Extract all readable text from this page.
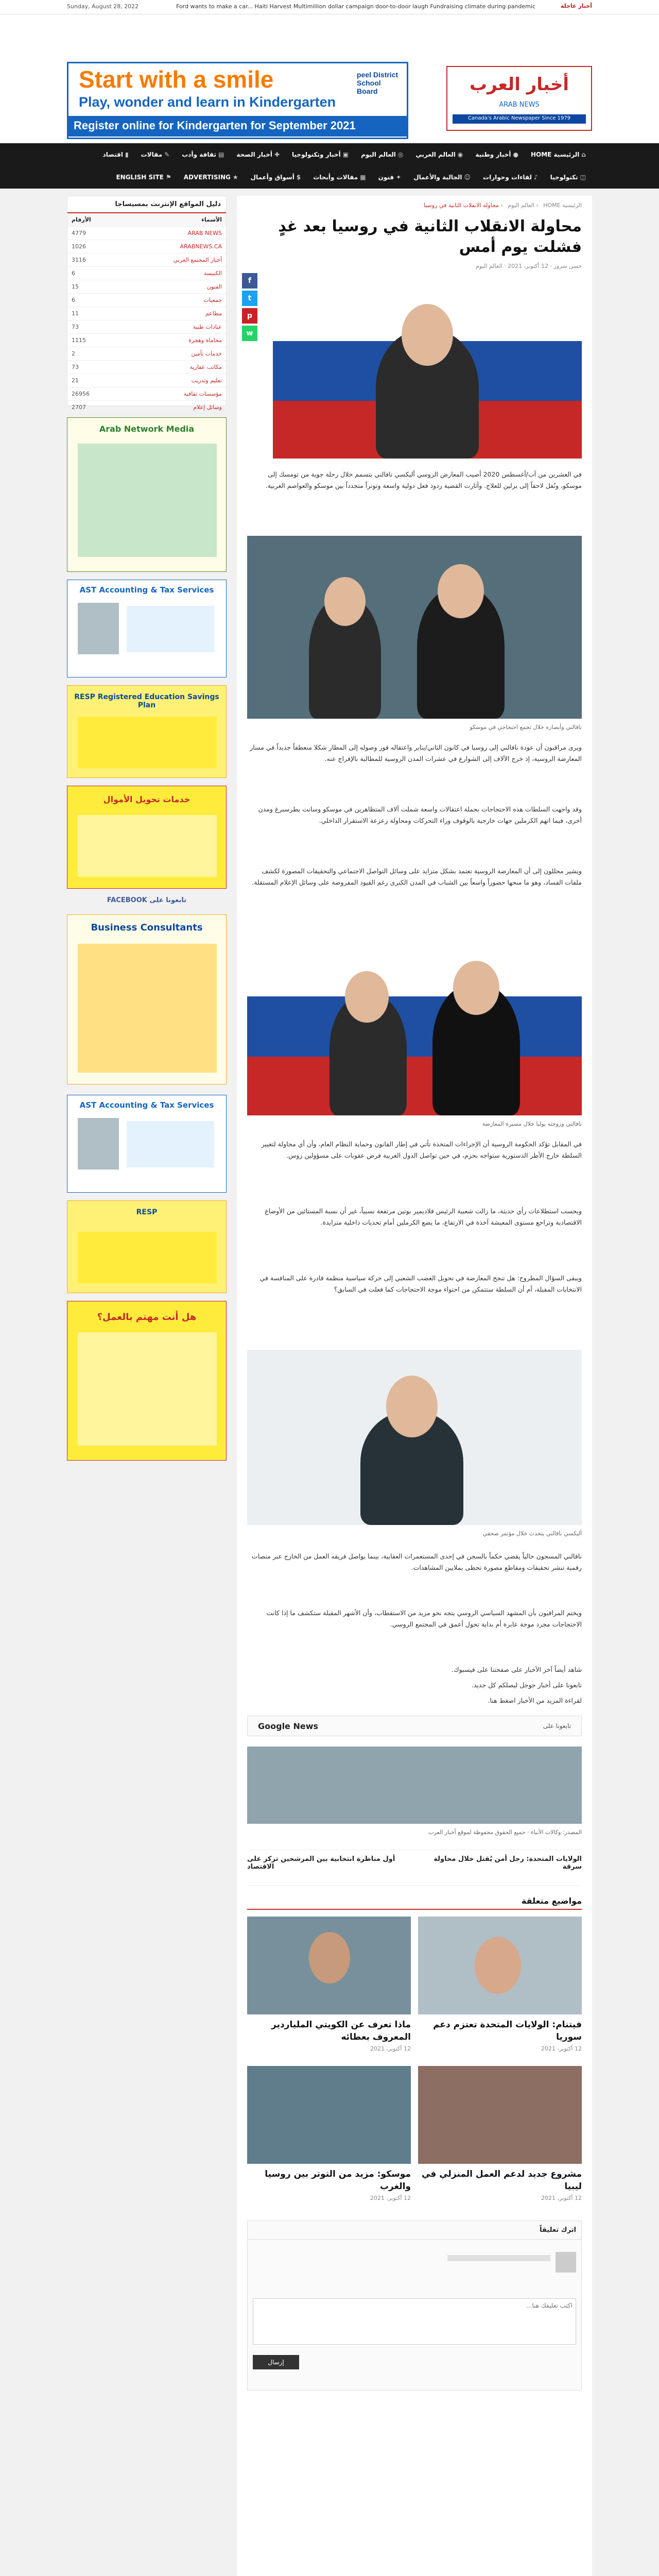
Sunday, August 28, 2022	أخبار عاجلة
Ford wants to make a car... Haiti Harvest Multimillion dollar campaign door-to-door laugh Fundraising climate during pandemic
Start with a smile
Play, wonder and learn in Kindergarten
peel District School Board
Register online for Kindergarten for September 2021
أخبار العرب
ARAB NEWS
Canada's Arabic Newspaper Since 1979
⌂الرئيسية HOME
●أخبار وطنية
◉العالم العربي
◎العالم اليوم
▣أخبار وتكنولوجيا
✚أخبار الصحة
▤ثقافة وأدب
✎مقالات
▮اقتصاد
◫تكنولوجيا
♪لقاءات وحوارات
☺الجالية والأعمال
✦فنون
▦مقالات وأبحاث
$أسواق وأعمال
★ADVERTISING
⚑ENGLISH SITE
الرئيسية HOME › العالم اليوم › محاولة الانقلاب الثانية في روسيا
محاولة الانقلاب الثانية في روسيا بعد غدٍ فشلت يوم أمس
حسن سرور · 12 أكتوبر، 2021 · العالم اليوم
f
t
p
w
في العشرين من آب/أغسطس 2020 أصيب المعارض الروسي أليكسي نافالني بتسمم خلال رحلة جوية من تومسك إلى موسكو، ونُقل لاحقاً إلى برلين للعلاج. وأثارت القضية ردود فعل دولية واسعة وتوتراً متجدداً بين موسكو والعواصم الغربية.
نافالني وأنصاره خلال تجمع احتجاجي في موسكو
ويرى مراقبون أن عودة نافالني إلى روسيا في كانون الثاني/يناير واعتقاله فور وصوله إلى المطار شكلا منعطفاً جديداً في مسار المعارضة الروسية، إذ خرج الآلاف إلى الشوارع في عشرات المدن الروسية للمطالبة بالإفراج عنه.
وقد واجهت السلطات هذه الاحتجاجات بحملة اعتقالات واسعة شملت آلاف المتظاهرين في موسكو وسانت بطرسبرغ ومدن أخرى، فيما اتهم الكرملين جهات خارجية بالوقوف وراء التحركات ومحاولة زعزعة الاستقرار الداخلي.
ويشير محللون إلى أن المعارضة الروسية تعتمد بشكل متزايد على وسائل التواصل الاجتماعي والتحقيقات المصورة لكشف ملفات الفساد، وهو ما منحها حضوراً واسعاً بين الشباب في المدن الكبرى رغم القيود المفروضة على وسائل الإعلام المستقلة.
نافالني وزوجته يوليا خلال مسيرة المعارضة
في المقابل تؤكد الحكومة الروسية أن الإجراءات المتخذة تأتي في إطار القانون وحماية النظام العام، وأن أي محاولة لتغيير السلطة خارج الأطر الدستورية ستواجه بحزم، في حين تواصل الدول الغربية فرض عقوبات على مسؤولين روس.
وبحسب استطلاعات رأي حديثة، ما زالت شعبية الرئيس فلاديمير بوتين مرتفعة نسبياً، غير أن نسبة المستائين من الأوضاع الاقتصادية وتراجع مستوى المعيشة آخذة في الارتفاع، ما يضع الكرملين أمام تحديات داخلية متزايدة.
ويبقى السؤال المطروح: هل تنجح المعارضة في تحويل الغضب الشعبي إلى حركة سياسية منظمة قادرة على المنافسة في الانتخابات المقبلة، أم أن السلطة ستتمكن من احتواء موجة الاحتجاجات كما فعلت في السابق؟
أليكسي نافالني يتحدث خلال مؤتمر صحفي
نافالني المسجون حالياً يقضي حكماً بالسجن في إحدى المستعمرات العقابية، بينما يواصل فريقه العمل من الخارج عبر منصات رقمية تنشر تحقيقات ومقاطع مصورة تحظى بملايين المشاهدات.
ويختم المراقبون بأن المشهد السياسي الروسي يتجه نحو مزيد من الاستقطاب، وأن الأشهر المقبلة ستكشف ما إذا كانت الاحتجاجات مجرد موجة عابرة أم بداية تحول أعمق في المجتمع الروسي.
شاهد أيضاً آخر الأخبار على صفحتنا على فيسبوك.
تابعونا على أخبار جوجل ليصلكم كل جديد.
لقراءة المزيد من الأخبار اضغط هنا.
Google News	تابعونا على
المصدر: وكالات الأنباء · جميع الحقوق محفوظة لموقع أخبار العرب
الولايات المتحدة: رجل أمن يُقتل خلال محاولة سرقة
أول مناظرة انتخابية بين المرشحين تركز على الاقتصاد
مواضيع متعلقة
فيتنام: الولايات المتحدة تعتزم دعم سوريا
12 أكتوبر، 2021
ماذا تعرف عن الكويتي الملياردير المعروف بعطائه
12 أكتوبر، 2021
مشروع جديد لدعم العمل المنزلي في ليبيا
12 أكتوبر، 2021
موسكو: مزيد من التوتر بين روسيا والغرب
12 أكتوبر، 2021
اترك تعليقاً
اكتب تعليقك هنا...
إرسال
دليل المواقع الإنترنت بمسيساجا
الأسماء	الأرقام
ARAB NEWS	4779
ARABNEWS.CA	1026
أخبار المجتمع العربي	3116
الكنيسة	6
الفنون	15
جمعيات	6
مطاعم	11
عيادات طبية	73
محاماة وهجرة	1115
خدمات تأمين	2
مكاتب عقارية	73
تعليم وتدريب	21
مؤسسات ثقافية	26956
وسائل إعلام	2707

Arab Network Media
AST Accounting & Tax Services
RESP Registered Education Savings Plan
خدمات تحويل الأموال
تابعونا على FACEBOOK
Business Consultants
AST Accounting & Tax Services
RESP
هل أنت مهتم بالعمل؟
